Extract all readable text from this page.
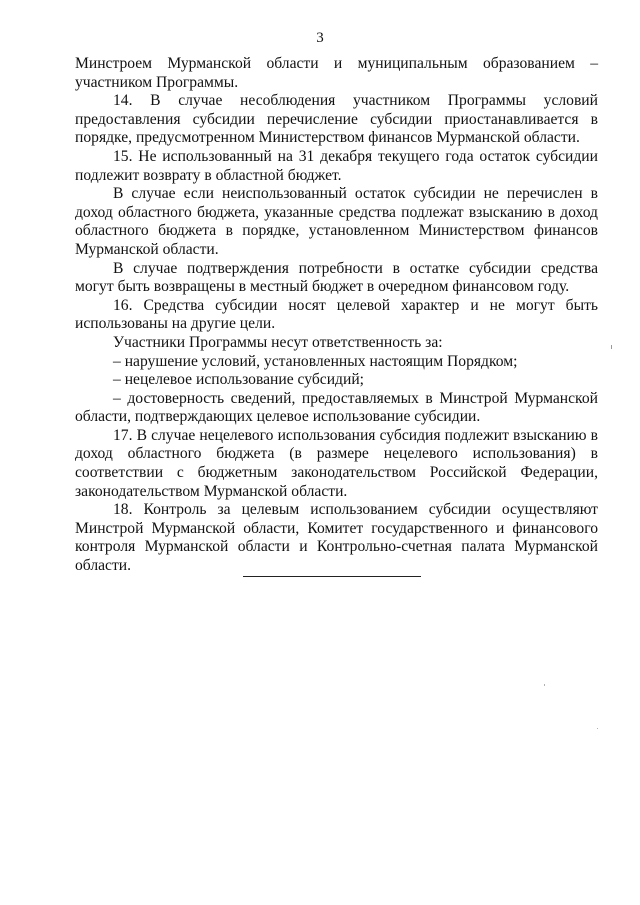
3

Минстроем Мурманской области и муниципальным образованием – участником Программы.

14. В случае несоблюдения участником Программы условий предоставления субсидии перечисление субсидии приостанавливается в порядке, предусмотренном Министерством финансов Мурманской области.

15. Не использованный на 31 декабря текущего года остаток субсидии подлежит возврату в областной бюджет.

В случае если неиспользованный остаток субсидии не перечислен в доход областного бюджета, указанные средства подлежат взысканию в доход областного бюджета в порядке, установленном Министерством финансов Мурманской области.

В случае подтверждения потребности в остатке субсидии средства могут быть возвращены в местный бюджет в очередном финансовом году.

16. Средства субсидии носят целевой характер и не могут быть использованы на другие цели.

Участники Программы несут ответственность за:

– нарушение условий, установленных настоящим Порядком;

– нецелевое использование субсидий;

– достоверность сведений, предоставляемых в Минстрой Мурманской области, подтверждающих целевое использование субсидии.

17. В случае нецелевого использования субсидия подлежит взысканию в доход областного бюджета (в размере нецелевого использования) в соответствии с бюджетным законодательством Российской Федерации, законодательством Мурманской области.

18. Контроль за целевым использованием субсидии осуществляют Минстрой Мурманской области, Комитет государственного и финансового контроля Мурманской области и Контрольно-счетная палата Мурманской области.
